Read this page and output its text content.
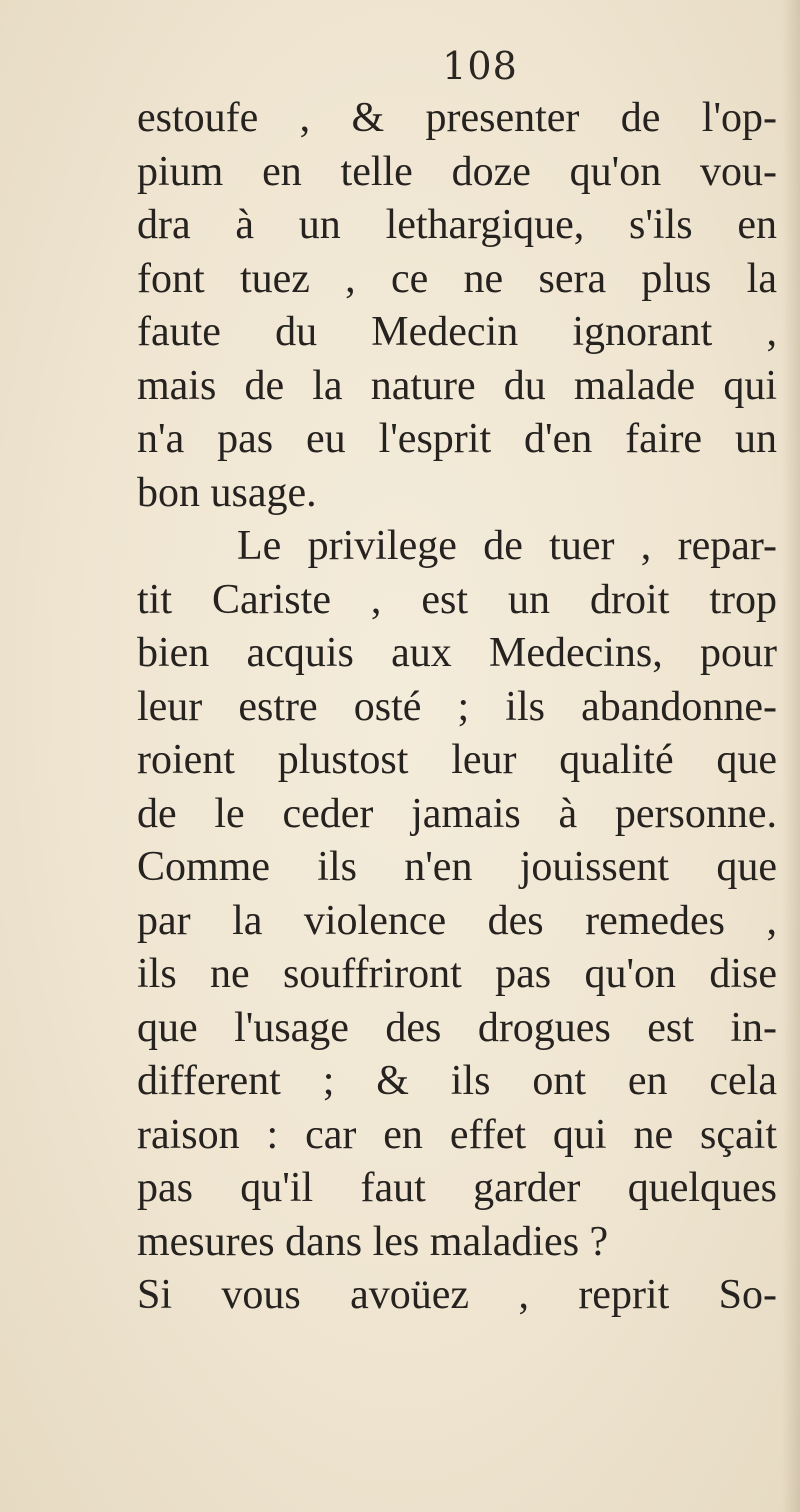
108
estoufe , & presenter de l'op-
pium en telle doze qu'on vou-
dra à un lethargique, s'ils en
font tuez , ce ne sera plus la
faute du Medecin ignorant ,
mais de la nature du malade qui
n'a pas eu l'esprit d'en faire un
bon usage.
Le privilege de tuer , repar-
tit Cariste , est un droit trop
bien acquis aux Medecins, pour
leur estre osté ; ils abandonne-
roient plustost leur qualité que
de le ceder jamais à personne.
Comme ils n'en jouissent que
par la violence des remedes ,
ils ne souffriront pas qu'on dise
que l'usage des drogues est in-
different ; & ils ont en cela
raison : car en effet qui ne sçait
pas qu'il faut garder quelques
mesures dans les maladies ?
Si vous avoüez , reprit So-
